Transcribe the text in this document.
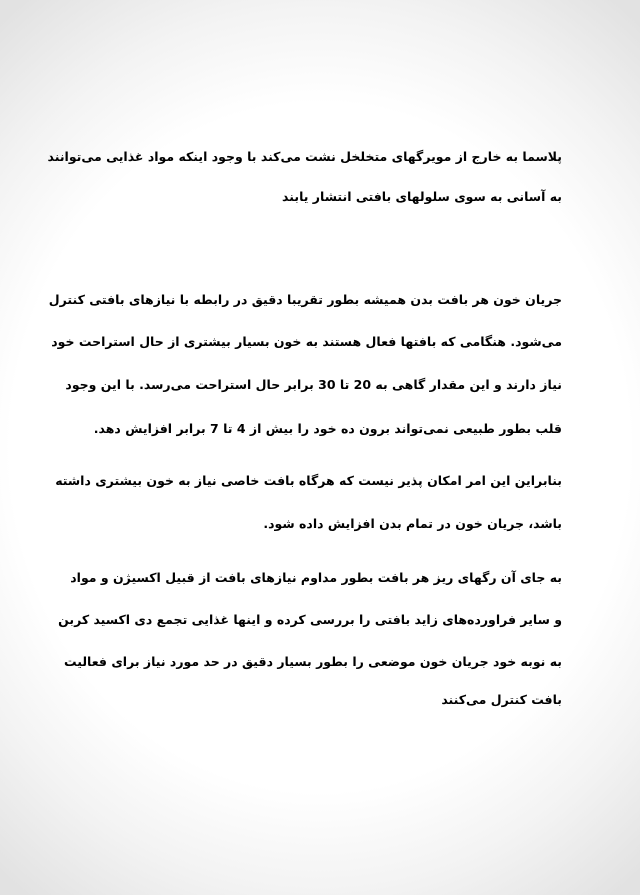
پلاسما به خارج از مویرگهای متخلخل نشت می‌کند با وجود اینکه مواد غذایی می‌توانند
به آسانی به سوی سلولهای بافتی انتشار یابند
جریان خون هر بافت بدن همیشه بطور تقریبا دقیق در رابطه با نیازهای بافتی کنترل
می‌شود. هنگامی که بافتها فعال هستند به خون بسیار بیشتری از حال استراحت خود
نیاز دارند و این مقدار گاهی به 20 تا 30 برابر حال استراحت می‌رسد. با این وجود
قلب بطور طبیعی نمی‌تواند برون ده خود را بیش از 4 تا 7 برابر افزایش دهد.
بنابراین این امر امکان پذیر نیست که هرگاه بافت خاصی نیاز به خون بیشتری داشته
باشد، جریان خون در تمام بدن افزایش داده شود.
به جای آن رگهای ریز هر بافت بطور مداوم نیازهای بافت از قبیل اکسیژن و مواد
و سایر فراورده‌های زاید بافتی را بررسی کرده و اینها غذایی تجمع دی اکسید کربن
به نوبه خود جریان خون موضعی را بطور بسیار دقیق در حد مورد نیاز برای فعالیت
بافت کنترل می‌کنند
